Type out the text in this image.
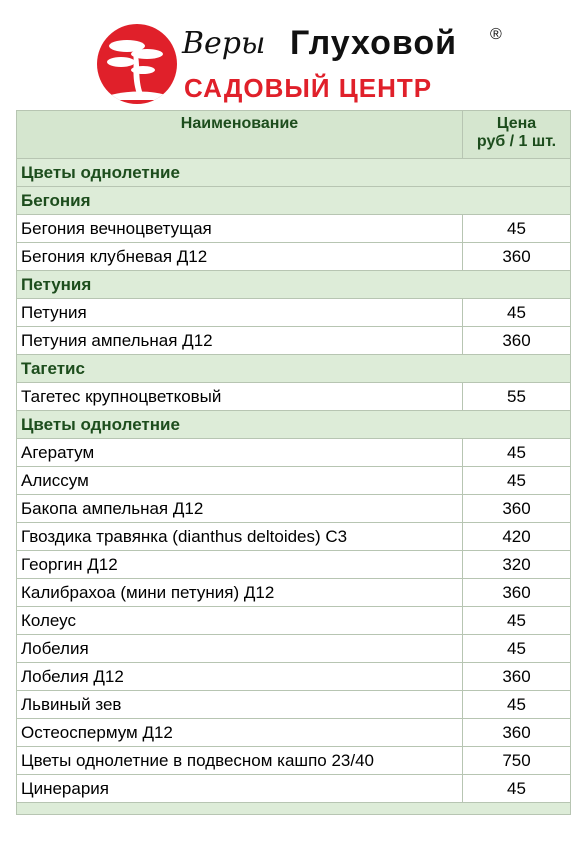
Веры Глуховой ®
САДОВЫЙ ЦЕНТР
Наименование	Цена
руб / 1 шт.

Цветы однолетние	
Бегония	
Бегония вечноцветущая	45
Бегония клубневая Д12	360
Петуния	
Петуния	45
Петуния ампельная Д12	360
Тагетис	
Тагетес крупноцветковый	55
Цветы однолетние	
Агератум	45
Алиссум	45
Бакопа ампельная Д12	360
Гвоздика травянка (dianthus deltoides) С3	420
Георгин Д12	320
Калибрахоа (мини петуния) Д12	360
Колеус	45
Лобелия	45
Лобелия Д12	360
Львиный зев	45
Остеоспермум Д12	360
Цветы однолетние в подвесном кашпо 23/40	750
Цинерария	45
